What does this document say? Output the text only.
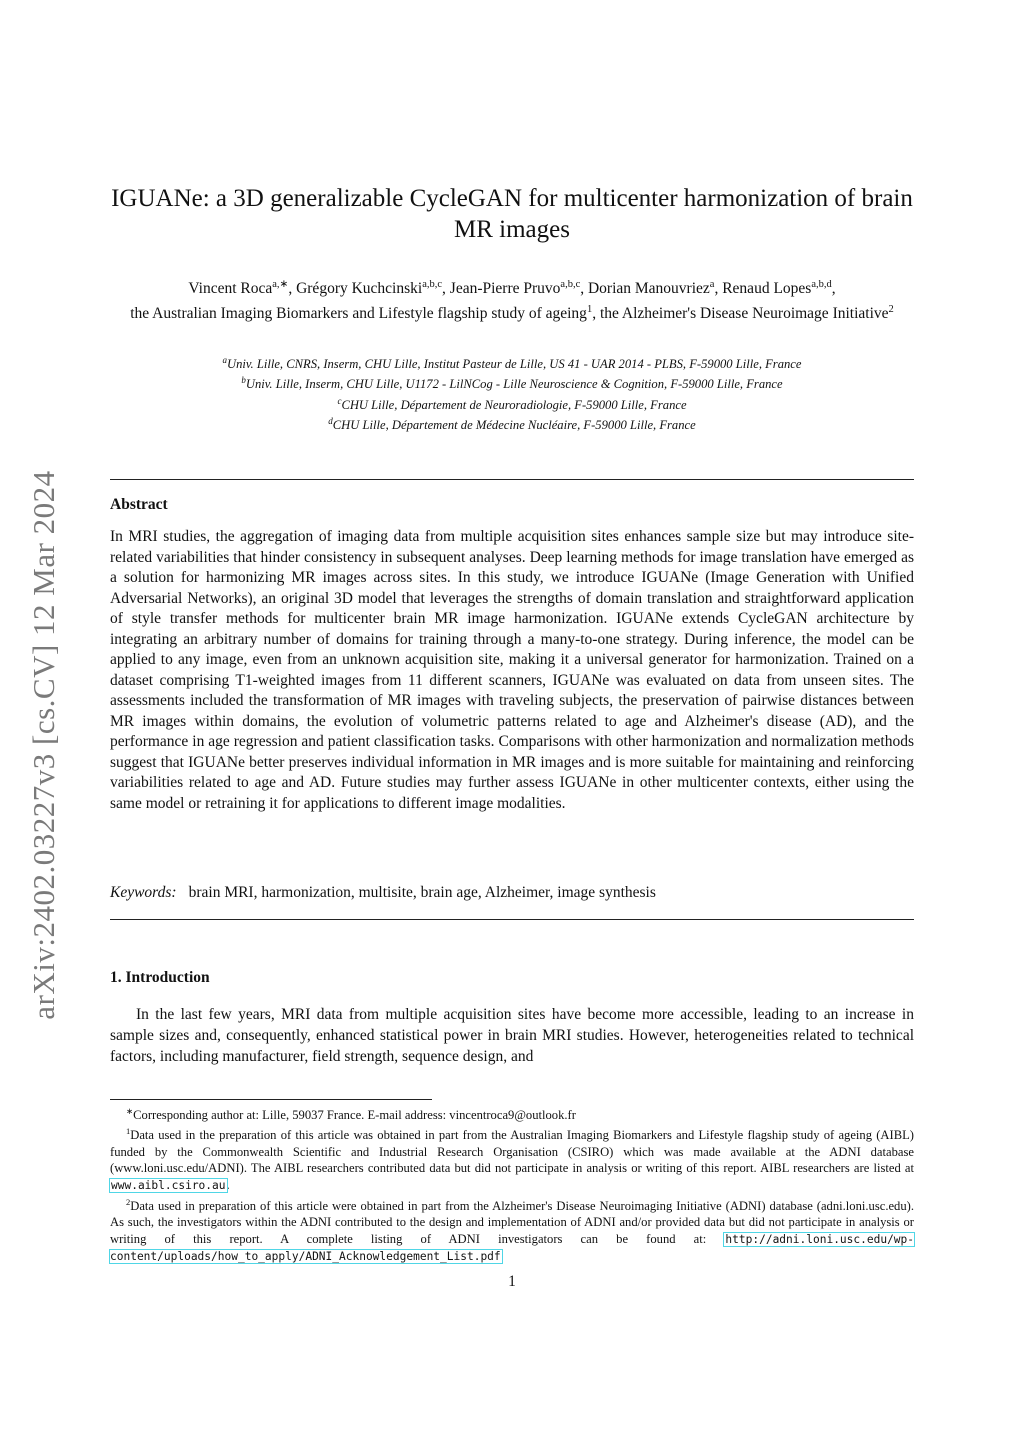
arXiv:2402.03227v3 [cs.CV] 12 Mar 2024
IGUANe: a 3D generalizable CycleGAN for multicenter harmonization of brain MR images
Vincent Roca$^{a,∗}$, Grégory Kuchcinski$^{a,b,c}$, Jean-Pierre Pruvo$^{a,b,c}$, Dorian Manouvriez$^a$, Renaud Lopes$^{a,b,d}$,
the Australian Imaging Biomarkers and Lifestyle flagship study of ageing$^1$, the Alzheimer's Disease Neuroimage Initiative$^2$
$^a$Univ. Lille, CNRS, Inserm, CHU Lille, Institut Pasteur de Lille, US 41 - UAR 2014 - PLBS, F-59000 Lille, France
$^b$Univ. Lille, Inserm, CHU Lille, U1172 - LilNCog - Lille Neuroscience & Cognition, F-59000 Lille, France
$^c$CHU Lille, Département de Neuroradiologie, F-59000 Lille, France
$^d$CHU Lille, Département de Médecine Nucléaire, F-59000 Lille, France
Abstract
In MRI studies, the aggregation of imaging data from multiple acquisition sites enhances sample size but may introduce site-related variabilities that hinder consistency in subsequent analyses. Deep learning methods for image translation have emerged as a solution for harmonizing MR images across sites. In this study, we introduce IGUANe (Image Generation with Unified Adversarial Networks), an original 3D model that leverages the strengths of domain translation and straightforward application of style transfer methods for multicenter brain MR image harmonization. IGUANe extends CycleGAN architecture by integrating an arbitrary number of domains for training through a many-to-one strategy. During inference, the model can be applied to any image, even from an unknown acquisition site, making it a universal generator for harmonization. Trained on a dataset comprising T1-weighted images from 11 different scanners, IGUANe was evaluated on data from unseen sites. The assessments included the transformation of MR images with traveling subjects, the preservation of pairwise distances between MR images within domains, the evolution of volumetric patterns related to age and Alzheimer's disease (AD), and the performance in age regression and patient classification tasks. Comparisons with other harmonization and normalization methods suggest that IGUANe better preserves individual information in MR images and is more suitable for maintaining and reinforcing variabilities related to age and AD. Future studies may further assess IGUANe in other multicenter contexts, either using the same model or retraining it for applications to different image modalities.
Keywords: brain MRI, harmonization, multisite, brain age, Alzheimer, image synthesis
1. Introduction
In the last few years, MRI data from multiple acquisition sites have become more accessible, leading to an increase in sample sizes and, consequently, enhanced statistical power in brain MRI studies. However, heterogeneities related to technical factors, including manufacturer, field strength, sequence design, and

∗Corresponding author at: Lille, 59037 France. E-mail address: vincentroca9@outlook.fr

$^1$Data used in the preparation of this article was obtained in part from the Australian Imaging Biomarkers and Lifestyle flagship study of ageing (AIBL) funded by the Commonwealth Scientific and Industrial Research Organisation (CSIRO) which was made available at the ADNI database (www.loni.usc.edu/ADNI). The AIBL researchers contributed data but did not participate in analysis or writing of this report. AIBL researchers are listed at www.aibl.csiro.au.

$^2$Data used in preparation of this article were obtained in part from the Alzheimer's Disease Neuroimaging Initiative (ADNI) database (adni.loni.usc.edu). As such, the investigators within the ADNI contributed to the design and implementation of ADNI and/or provided data but did not participate in analysis or writing of this report. A complete listing of ADNI investigators can be found at: http://adni.loni.usc.edu/wp-content/uploads/how_to_apply/ADNI_Acknowledgement_List.pdf

1
